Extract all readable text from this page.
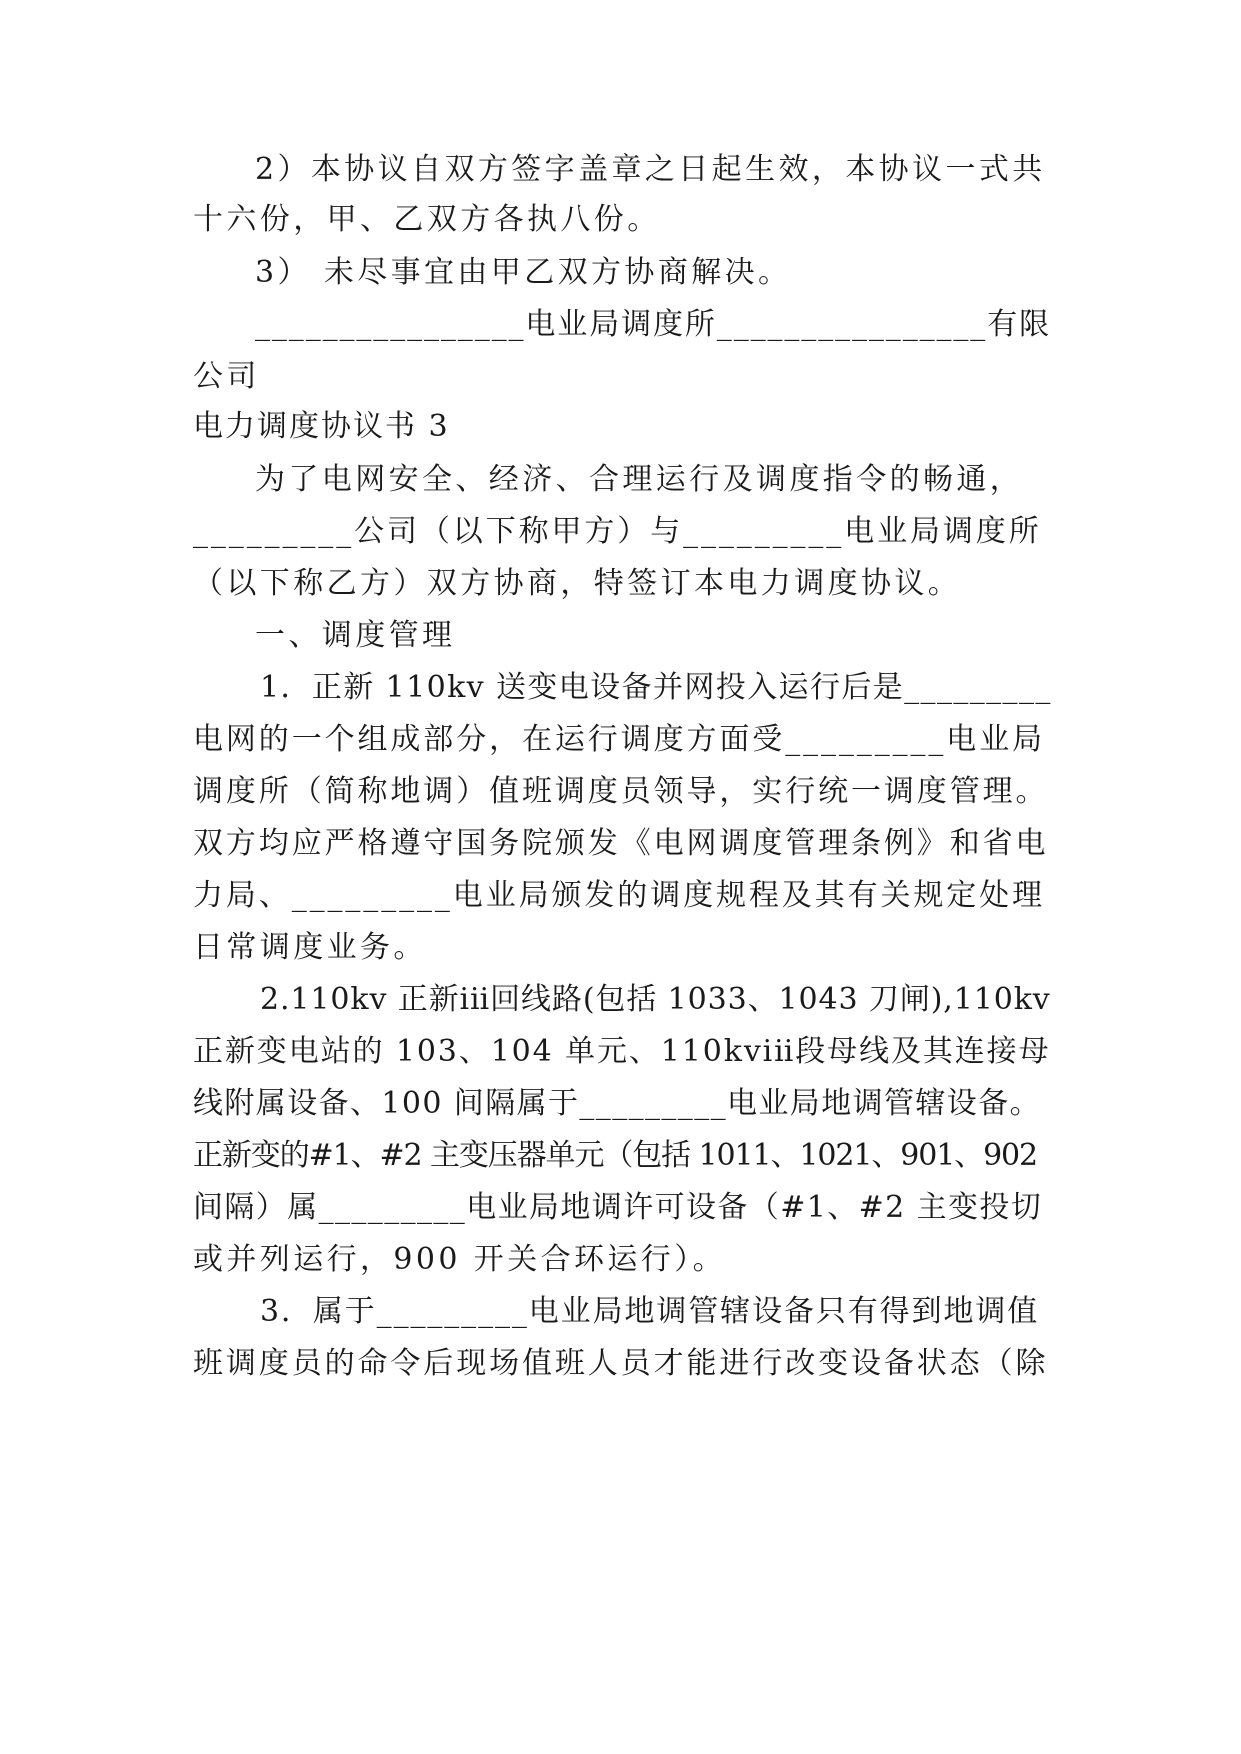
2）本协议自双方签字盖章之日起生效，本协议一式共
十六份，甲、乙双方各执八份。
3） 未尽事宜由甲乙双方协商解决。
________________电业局调度所________________有限
公司
电力调度协议书 3
为了电网安全、经济、合理运行及调度指令的畅通，
_________公司（以下称甲方）与_________电业局调度所
（以下称乙方）双方协商，特签订本电力调度协议。
一、调度管理
1．正新 110kv 送变电设备并网投入运行后是_________
电网的一个组成部分，在运行调度方面受_________电业局
调度所（简称地调）值班调度员领导，实行统一调度管理。
双方均应严格遵守国务院颁发《电网调度管理条例》和省电
力局、_________电业局颁发的调度规程及其有关规定处理
日常调度业务。
2.110kv 正新ⅰⅱ回线路(包括 1033、1043 刀闸),110kv
正新变电站的 103、104 单元、110kvⅰⅱ段母线及其连接母
线附属设备、100 间隔属于_________电业局地调管辖设备。
正新变的#1、#2 主变压器单元（包括 1011、1021、901、902
间隔）属_________电业局地调许可设备（#1、#2 主变投切
或并列运行，900 开关合环运行）。
3．属于_________电业局地调管辖设备只有得到地调值
班调度员的命令后现场值班人员才能进行改变设备状态（除
